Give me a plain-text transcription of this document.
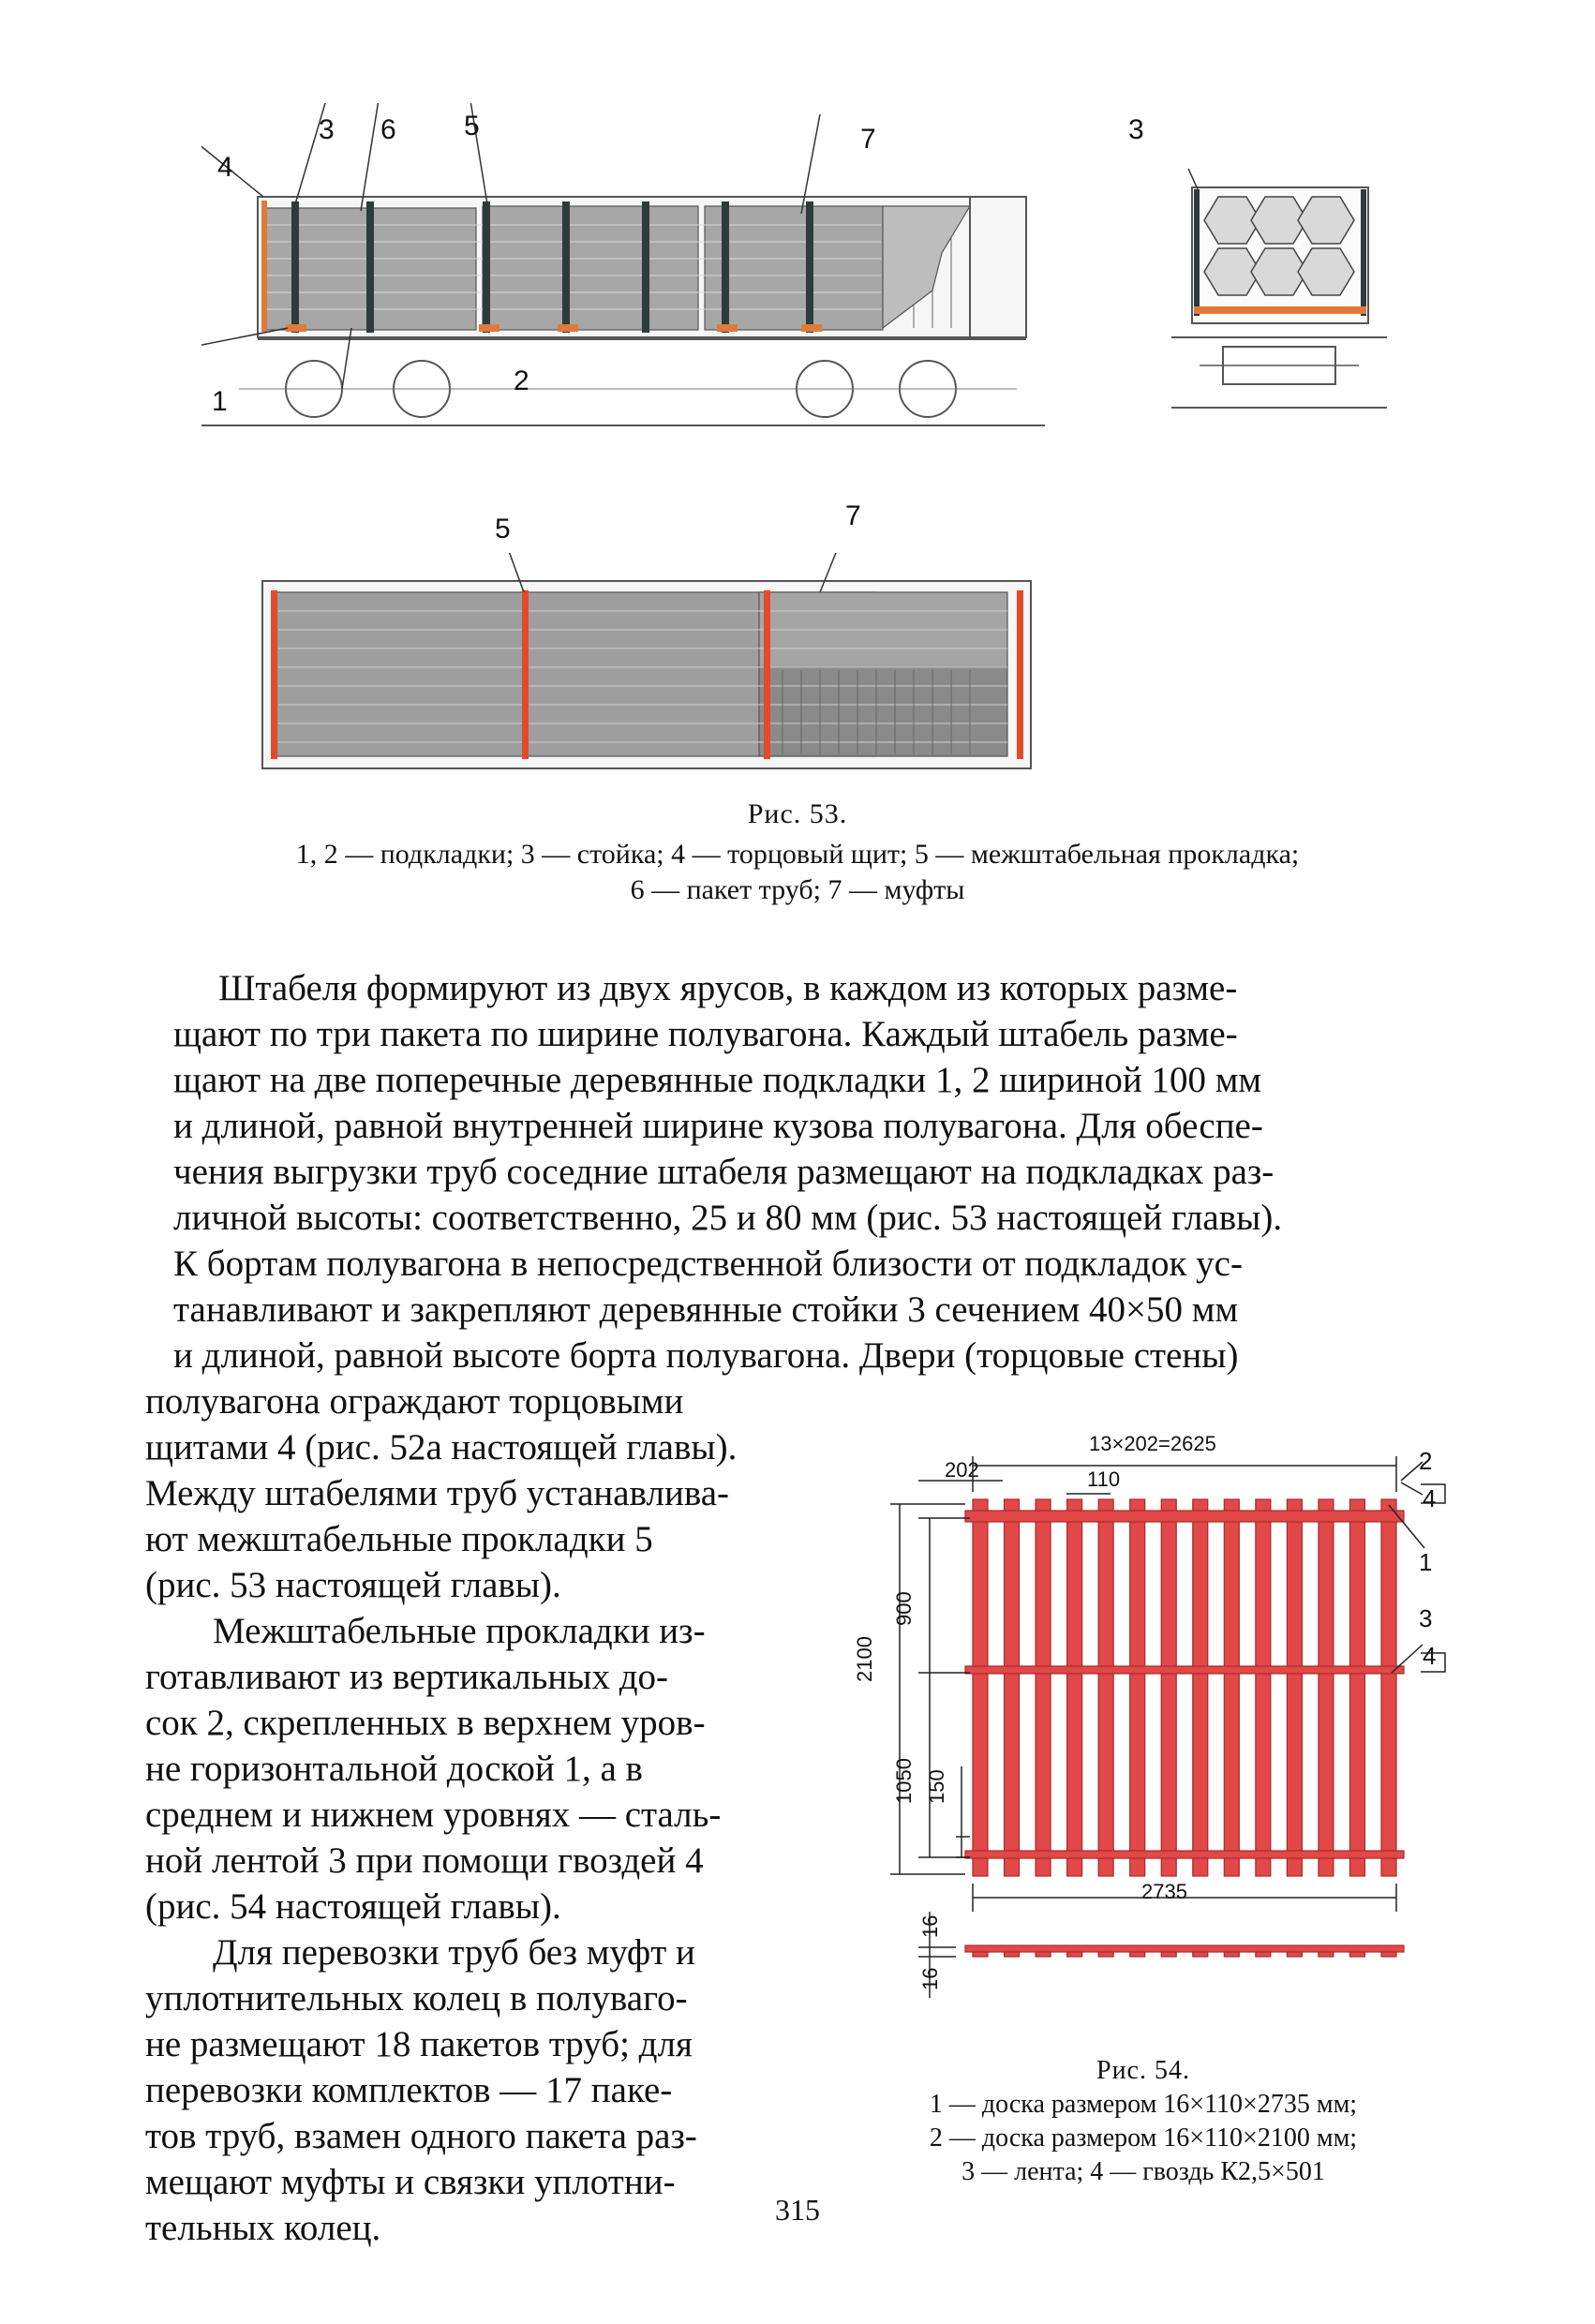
4
3 6 5	7
1
2
3
5	7
Рис. 53.
1, 2 — подкладки; 3 — стойка; 4 — торцовый щит; 5 — межштабельная прокладка;
6 — пакет труб; 7 — муфты
Штабеля формируют из двух ярусов, в каждом из которых разме-
щают по три пакета по ширине полувагона. Каждый штабель разме-
щают на две поперечные деревянные подкладки 1, 2 шириной 100 мм
и длиной, равной внутренней ширине кузова полувагона. Для обеспе-
чения выгрузки труб соседние штабеля размещают на подкладках раз-
личной высоты: соответственно, 25 и 80 мм (рис. 53 настоящей главы).
К бортам полувагона в непосредственной близости от подкладок ус-
танавливают и закрепляют деревянные стойки 3 сечением 40×50 мм
и длиной, равной высоте борта полувагона. Двери (торцовые стены)
полувагона ограждают торцовыми
щитами 4 (рис. 52а настоящей главы).
Между штабелями труб устанавлива-
ют межштабельные прокладки 5
(рис. 53 настоящей главы).
Межштабельные прокладки из-
готавливают из вертикальных до-
сок 2, скрепленных в верхнем уров-
не горизонтальной доской 1, а в
среднем и нижнем уровнях — сталь-
ной лентой 3 при помощи гвоздей 4
(рис. 54 настоящей главы).
Для перевозки труб без муфт и
уплотнительных колец в полуваго-
не размещают 18 пакетов труб; для
перевозки комплектов — 17 паке-
тов труб, взамен одного пакета раз-
мещают муфты и связки уплотни-
тельных колец.
13×202=2625
202	110
2100
900
1050 150
2735
16
16
2
4
1
3
4
Рис. 54.
1 — доска размером 16×110×2735 мм;
2 — доска размером 16×110×2100 мм;
3 — лента; 4 — гвоздь К2,5×501
315
